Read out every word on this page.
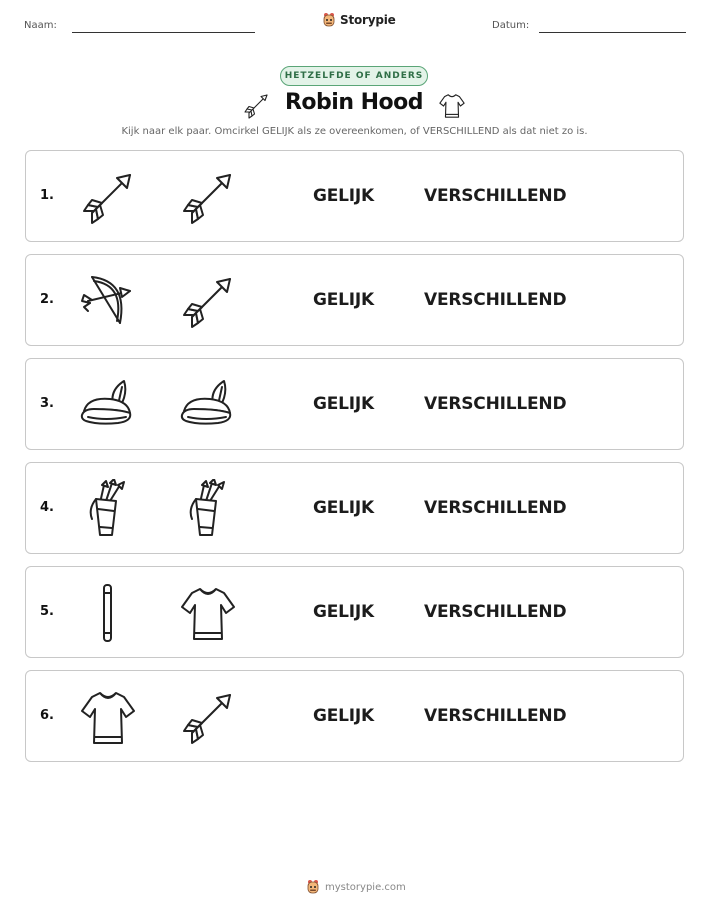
Naam:	Storypie	Datum:
HETZELFDE OF ANDERS
Robin Hood
Kijk naar elk paar. Omcirkel GELIJK als ze overeenkomen, of VERSCHILLEND als dat niet zo is.
1.	GELIJK	VERSCHILLEND
2.	GELIJK	VERSCHILLEND
3.	GELIJK	VERSCHILLEND
4.	GELIJK	VERSCHILLEND
5.	GELIJK	VERSCHILLEND
6.	GELIJK	VERSCHILLEND
mystorypie.com
